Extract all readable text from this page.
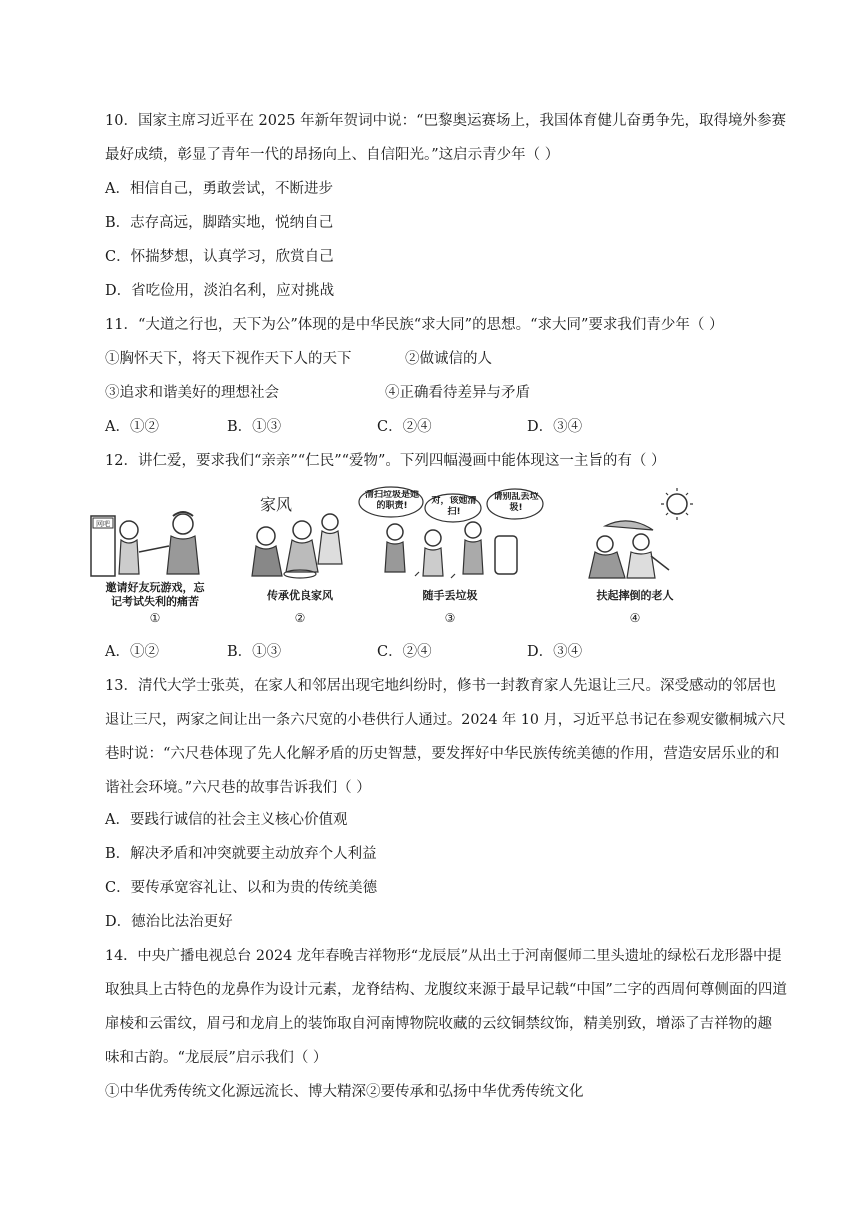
10．国家主席习近平在 2025 年新年贺词中说：“巴黎奥运赛场上，我国体育健儿奋勇争先，取得境外参赛
最好成绩，彰显了青年一代的昂扬向上、自信阳光。”这启示青少年（ ）
A．相信自己，勇敢尝试，不断进步
B．志存高远，脚踏实地，悦纳自己
C．怀揣梦想，认真学习，欣赏自己
D．省吃俭用，淡泊名利，应对挑战
11．“大道之行也，天下为公”体现的是中华民族“求大同”的思想。“求大同”要求我们青少年（ ）
①胸怀天下，将天下视作天下人的天下	②做诚信的人
③追求和谐美好的理想社会	④正确看待差异与矛盾
A．①②	B．①③	C．②④	D．③④
12．讲仁爱，要求我们“亲亲”“仁民”“爱物”。下列四幅漫画中能体现这一主旨的有（ ）
网吧
邀请好友玩游戏，忘
记考试失利的痛苦
①
家风
传承优良家风
②
清扫垃圾是她的职责!	对，该她清扫!
请别乱丢垃圾!
随手丢垃圾
③
扶起摔倒的老人
④
A．①②	B．①③	C．②④	D．③④
13．清代大学士张英，在家人和邻居出现宅地纠纷时，修书一封教育家人先退让三尺。深受感动的邻居也
退让三尺，两家之间让出一条六尺宽的小巷供行人通过。2024 年 10 月，习近平总书记在参观安徽桐城六尺
巷时说：“六尺巷体现了先人化解矛盾的历史智慧，要发挥好中华民族传统美德的作用，营造安居乐业的和
谐社会环境。”六尺巷的故事告诉我们（ ）
A．要践行诚信的社会主义核心价值观
B．解决矛盾和冲突就要主动放弃个人利益
C．要传承宽容礼让、以和为贵的传统美德
D．德治比法治更好
14．中央广播电视总台 2024 龙年春晚吉祥物形“龙辰辰”从出土于河南偃师二里头遗址的绿松石龙形器中提
取独具上古特色的龙鼻作为设计元素，龙脊结构、龙腹纹来源于最早记载“中国”二字的西周何尊侧面的四道
扉棱和云雷纹，眉弓和龙肩上的装饰取自河南博物院收藏的云纹铜禁纹饰，精美别致，增添了吉祥物的趣
味和古韵。“龙辰辰”启示我们（ ）
①中华优秀传统文化源远流长、博大精深②要传承和弘扬中华优秀传统文化
